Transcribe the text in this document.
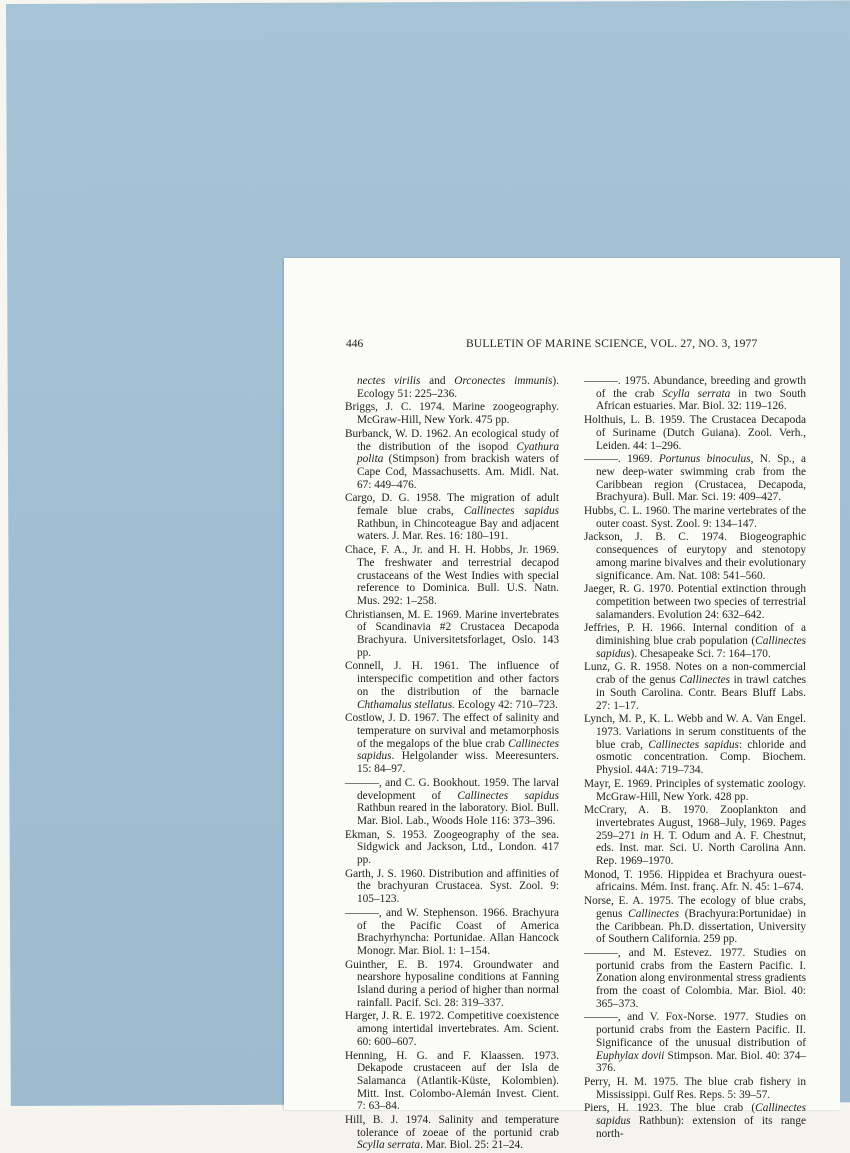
446	BULLETIN OF MARINE SCIENCE, VOL. 27, NO. 3, 1977

nectes virilis and Orconectes immunis). Ecology 51: 225–236.

Briggs, J. C. 1974. Marine zoogeography. McGraw-Hill, New York. 475 pp.

Burbanck, W. D. 1962. An ecological study of the distribution of the isopod Cyathura polita (Stimpson) from brackish waters of Cape Cod, Massachusetts. Am. Midl. Nat. 67: 449–476.

Cargo, D. G. 1958. The migration of adult female blue crabs, Callinectes sapidus Rathbun, in Chincoteague Bay and adjacent waters. J. Mar. Res. 16: 180–191.

Chace, F. A., Jr. and H. H. Hobbs, Jr. 1969. The freshwater and terrestrial decapod crustaceans of the West Indies with special reference to Dominica. Bull. U.S. Natn. Mus. 292: 1–258.

Christiansen, M. E. 1969. Marine invertebrates of Scandinavia #2 Crustacea Decapoda Brachyura. Universitetsforlaget, Oslo. 143 pp.

Connell, J. H. 1961. The influence of interspecific competition and other factors on the distribution of the barnacle Chthamalus stellatus. Ecology 42: 710–723.

Costlow, J. D. 1967. The effect of salinity and temperature on survival and metamorphosis of the megalops of the blue crab Callinectes sapidus. Helgolander wiss. Meeresunters. 15: 84–97.

———, and C. G. Bookhout. 1959. The larval development of Callinectes sapidus Rathbun reared in the laboratory. Biol. Bull. Mar. Biol. Lab., Woods Hole 116: 373–396.

Ekman, S. 1953. Zoogeography of the sea. Sidgwick and Jackson, Ltd., London. 417 pp.

Garth, J. S. 1960. Distribution and affinities of the brachyuran Crustacea. Syst. Zool. 9: 105–123.

———, and W. Stephenson. 1966. Brachyura of the Pacific Coast of America Brachyrhyncha: Portunidae. Allan Hancock Monogr. Mar. Biol. 1: 1–154.

Guinther, E. B. 1974. Groundwater and nearshore hyposaline conditions at Fanning Island during a period of higher than normal rainfall. Pacif. Sci. 28: 319–337.

Harger, J. R. E. 1972. Competitive coexistence among intertidal invertebrates. Am. Scient. 60: 600–607.

Henning, H. G. and F. Klaassen. 1973. Dekapode crustaceen auf der Isla de Salamanca (Atlantik-Küste, Kolombien). Mitt. Inst. Colombo-Alemán Invest. Cient. 7: 63–84.

Hill, B. J. 1974. Salinity and temperature tolerance of zoeae of the portunid crab Scylla serrata. Mar. Biol. 25: 21–24.

———. 1975. Abundance, breeding and growth of the crab Scylla serrata in two South African estuaries. Mar. Biol. 32: 119–126.

Holthuis, L. B. 1959. The Crustacea Decapoda of Suriname (Dutch Guiana). Zool. Verh., Leiden. 44: 1–296.

———. 1969. Portunus binoculus, N. Sp., a new deep-water swimming crab from the Caribbean region (Crustacea, Decapoda, Brachyura). Bull. Mar. Sci. 19: 409–427.

Hubbs, C. L. 1960. The marine vertebrates of the outer coast. Syst. Zool. 9: 134–147.

Jackson, J. B. C. 1974. Biogeographic consequences of eurytopy and stenotopy among marine bivalves and their evolutionary significance. Am. Nat. 108: 541–560.

Jaeger, R. G. 1970. Potential extinction through competition between two species of terrestrial salamanders. Evolution 24: 632–642.

Jeffries, P. H. 1966. Internal condition of a diminishing blue crab population (Callinectes sapidus). Chesapeake Sci. 7: 164–170.

Lunz, G. R. 1958. Notes on a non-commercial crab of the genus Callinectes in trawl catches in South Carolina. Contr. Bears Bluff Labs. 27: 1–17.

Lynch, M. P., K. L. Webb and W. A. Van Engel. 1973. Variations in serum constituents of the blue crab, Callinectes sapidus: chloride and osmotic concentration. Comp. Biochem. Physiol. 44A: 719–734.

Mayr, E. 1969. Principles of systematic zoology. McGraw-Hill, New York. 428 pp.

McCrary, A. B. 1970. Zooplankton and invertebrates August, 1968–July, 1969. Pages 259–271 in H. T. Odum and A. F. Chestnut, eds. Inst. mar. Sci. U. North Carolina Ann. Rep. 1969–1970.

Monod, T. 1956. Hippidea et Brachyura ouest-africains. Mém. Inst. franç. Afr. N. 45: 1–674.

Norse, E. A. 1975. The ecology of blue crabs, genus Callinectes (Brachyura:Portunidae) in the Caribbean. Ph.D. dissertation, University of Southern California. 259 pp.

———, and M. Estevez. 1977. Studies on portunid crabs from the Eastern Pacific. I. Zonation along environmental stress gradients from the coast of Colombia. Mar. Biol. 40: 365–373.

———, and V. Fox-Norse. 1977. Studies on portunid crabs from the Eastern Pacific. II. Significance of the unusual distribution of Euphylax dovii Stimpson. Mar. Biol. 40: 374–376.

Perry, H. M. 1975. The blue crab fishery in Mississippi. Gulf Res. Reps. 5: 39–57.

Piers, H. 1923. The blue crab (Callinectes sapidus Rathbun): extension of its range north-
